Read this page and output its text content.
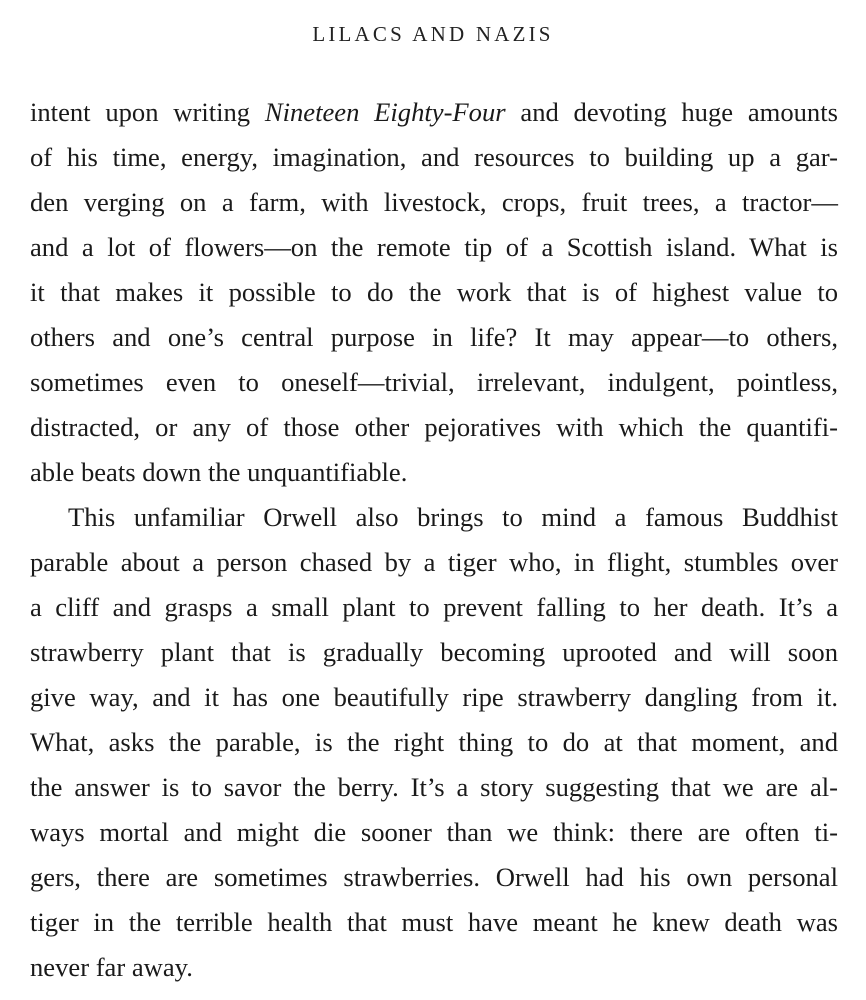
LILACS AND NAZIS
intent upon writing Nineteen Eighty-Four and devoting huge amounts
of his time, energy, imagination, and resources to building up a gar-
den verging on a farm, with livestock, crops, fruit trees, a tractor—
and a lot of flowers—on the remote tip of a Scottish island. What is
it that makes it possible to do the work that is of highest value to
others and one’s central purpose in life? It may appear—to others,
sometimes even to oneself—trivial, irrelevant, indulgent, pointless,
distracted, or any of those other pejoratives with which the quantifi-
able beats down the unquantifiable.
This unfamiliar Orwell also brings to mind a famous Buddhist
parable about a person chased by a tiger who, in flight, stumbles over
a cliff and grasps a small plant to prevent falling to her death. It’s a
strawberry plant that is gradually becoming uprooted and will soon
give way, and it has one beautifully ripe strawberry dangling from it.
What, asks the parable, is the right thing to do at that moment, and
the answer is to savor the berry. It’s a story suggesting that we are al-
ways mortal and might die sooner than we think: there are often ti-
gers, there are sometimes strawberries. Orwell had his own personal
tiger in the terrible health that must have meant he knew death was
never far away.
